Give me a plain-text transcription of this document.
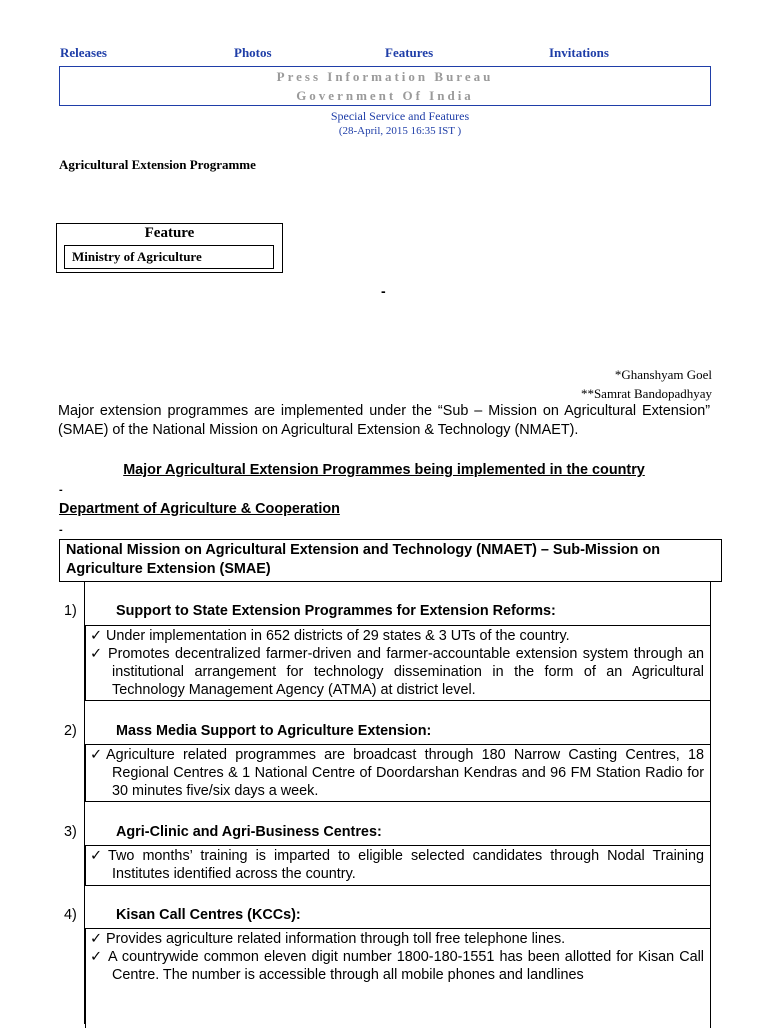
Releases	Photos	Features	Invitations
Press Information Bureau
Government Of India
Special Service and Features
(28-April, 2015 16:35 IST )
Agricultural Extension Programme
Feature
Ministry of Agriculture
-
*Ghanshyam Goel
**Samrat Bandopadhyay
Major extension programmes are implemented under the “Sub – Mission on Agricultural Extension” (SMAE) of the National Mission on Agricultural Extension & Technology (NMAET).
Major Agricultural Extension Programmes being implemented in the country
-
Department of Agriculture & Cooperation
-
National Mission on Agricultural Extension and Technology (NMAET) – Sub-Mission on Agriculture Extension (SMAE)
1)	Support to State Extension Programmes for Extension Reforms:
✓ Under implementation in 652 districts of 29 states & 3 UTs of the country.
✓ Promotes decentralized farmer-driven and farmer-accountable extension system through an institutional arrangement for technology dissemination in the form of an Agricultural Technology Management Agency (ATMA) at district level.
2)	Mass Media Support to Agriculture Extension:
✓ Agriculture related programmes are broadcast through 180 Narrow Casting Centres, 18 Regional Centres & 1 National Centre of Doordarshan Kendras and 96 FM Station Radio for 30 minutes five/six days a week.
3)	Agri-Clinic and Agri-Business Centres:
✓ Two months’ training is imparted to eligible selected candidates through Nodal Training Institutes identified across the country.
4)	Kisan Call Centres (KCCs):
✓ Provides agriculture related information through toll free telephone lines.
✓ A countrywide common eleven digit number 1800-180-1551 has been allotted for Kisan Call Centre. The number is accessible through all mobile phones and landlines
